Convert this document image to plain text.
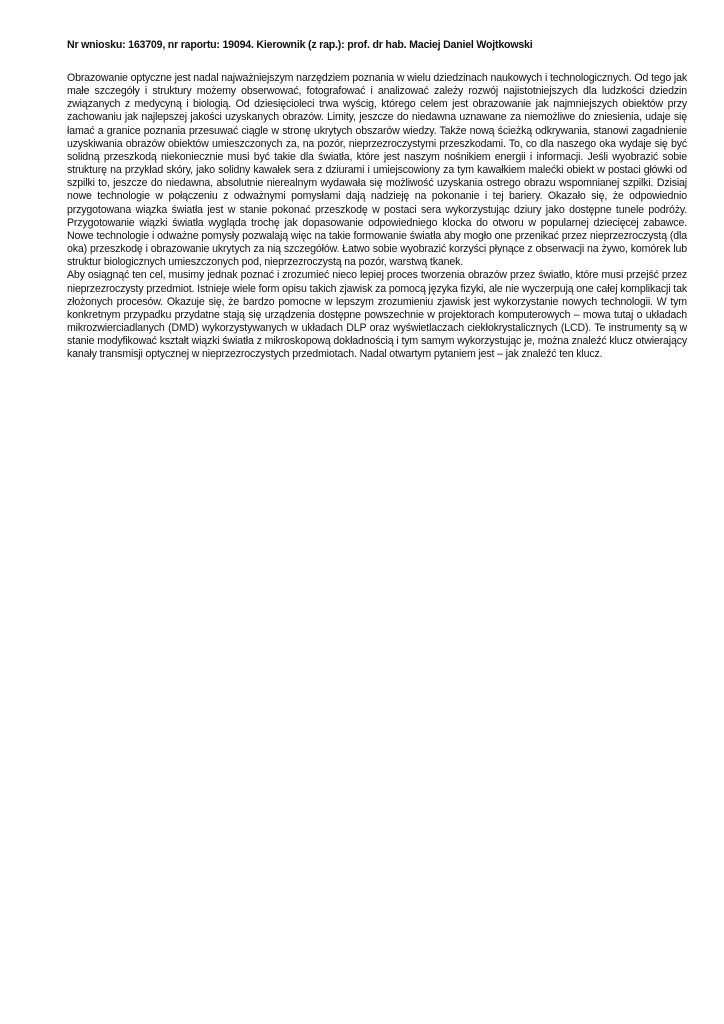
Nr wniosku: 163709, nr raportu: 19094. Kierownik (z rap.): prof. dr hab. Maciej Daniel Wojtkowski

Obrazowanie optyczne jest nadal najważniejszym narzędziem poznania w wielu dziedzinach naukowych i technologicznych. Od tego jak małe szczegóły i struktury możemy obserwować, fotografować i analizować zależy rozwój najistotniejszych dla ludzkości dziedzin związanych z medycyną i biologią. Od dziesięcioleci trwa wyścig, którego celem jest obrazowanie jak najmniejszych obiektów przy zachowaniu jak najlepszej jakości uzyskanych obrazów. Limity, jeszcze do niedawna uznawane za niemożliwe do zniesienia, udaje się łamać a granice poznania przesuwać ciągle w stronę ukrytych obszarów wiedzy. Także nową ścieżką odkrywania, stanowi zagadnienie uzyskiwania obrazów obiektów umieszczonych za, na pozór, nieprzezroczystymi przeszkodami. To, co dla naszego oka wydaje się być solidną przeszkodą niekoniecznie musi być takie dla światła, które jest naszym nośnikiem energii i informacji. Jeśli wyobrazić sobie strukturę na przykład skóry, jako solidny kawałek sera z dziurami i umiejscowiony za tym kawałkiem malećki obiekt w postaci główki od szpilki to, jeszcze do niedawna, absolutnie nierealnym wydawała się możliwość uzyskania ostrego obrazu wspomnianej szpilki. Dzisiaj nowe technologie w połączeniu z odważnymi pomysłami dają nadzieję na pokonanie i tej bariery. Okazało się, że odpowiednio przygotowana wiązka światła jest w stanie pokonać przeszkodę w postaci sera wykorzystując dziury jako dostępne tunele podróży. Przygotowanie wiązki światła wygląda trochę jak dopasowanie odpowiedniego klocka do otworu w popularnej dziecięcej zabawce. Nowe technologie i odważne pomysły pozwalają więc na takie formowanie światła aby mogło one przenikać przez nieprzezroczystą (dla oka) przeszkodę i obrazowanie ukrytych za nią szczegółów. Łatwo sobie wyobrazić korzyści płynące z obserwacji na żywo, komórek lub struktur biologicznych umieszczonych pod, nieprzezroczystą na pozór, warstwą tkanek.

Aby osiągnąć ten cel, musimy jednak poznać i zrozumieć nieco lepiej proces tworzenia obrazów przez światło, które musi przejść przez nieprzezroczysty przedmiot. Istnieje wiele form opisu takich zjawisk za pomocą języka fizyki, ale nie wyczerpują one całej komplikacji tak złożonych procesów. Okazuje się, że bardzo pomocne w lepszym zrozumieniu zjawisk jest wykorzystanie nowych technologii. W tym konkretnym przypadku przydatne stają się urządzenia dostępne powszechnie w projektorach komputerowych – mowa tutaj o układach mikrozwierciadlanych (DMD) wykorzystywanych w układach DLP oraz wyświetlaczach ciekłokrystalicznych (LCD). Te instrumenty są w stanie modyfikować kształt wiązki światła z mikroskopową dokładnością i tym samym wykorzystując je, można znaleźć klucz otwierający kanały transmisji optycznej w nieprzezroczystych przedmiotach. Nadal otwartym pytaniem jest – jak znaleźć ten klucz.
